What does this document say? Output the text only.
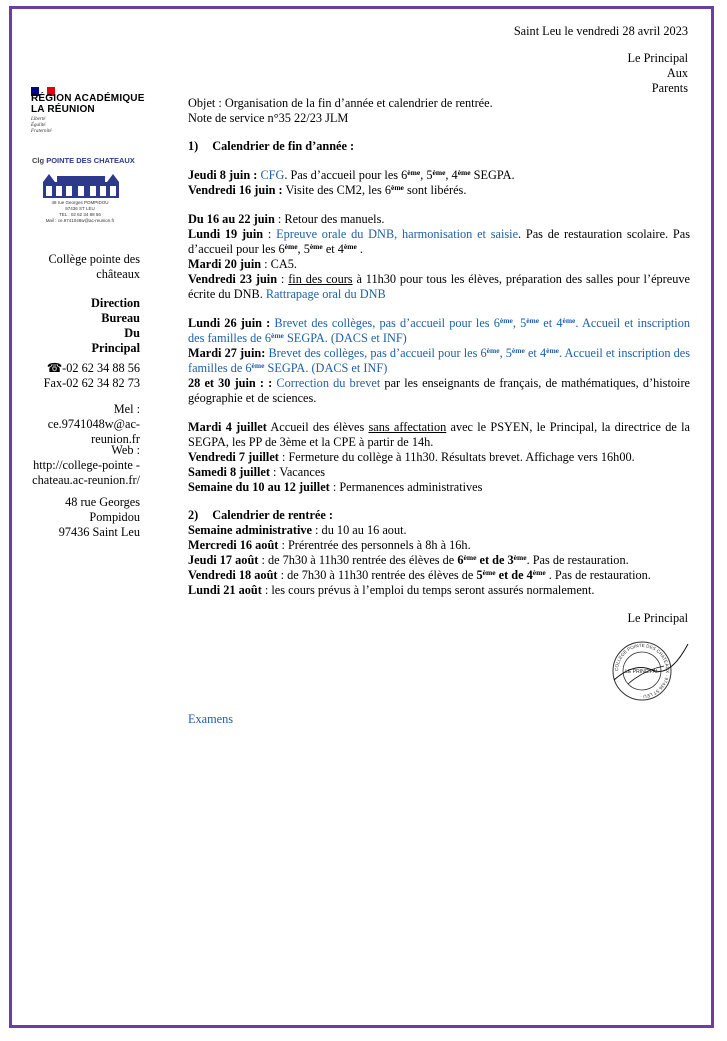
Saint Leu le vendredi 28 avril 2023
Le Principal
Aux
Parents
RÉGION ACADÉMIQUE
LA RÉUNION
Liberté
Égalité
Fraternité
Clg POINTE DES CHATEAUX
48 rue Georges POMPIDOU
97436 ST LEU
TEL : 02 62 34 88 56
Mail : ce.9741048w@ac-reunion.fr
Collège pointe des
châteaux
Direction
Bureau
Du
Principal
☎-02 62 34 88 56
Fax-02 62 34 82 73
Mel :
ce.9741048w@ac-
reunion.fr
Web :
http://college-pointe -
chateau.ac-reunion.fr/
48 rue Georges
Pompidou
97436 Saint Leu
Objet : Organisation de la fin d’année et calendrier de rentrée.
Note de service n°35 22/23 JLM
1) Calendrier de fin d’année :
Jeudi 8 juin : CFG. Pas d’accueil pour les 6ème, 5ème, 4ème SEGPA.
Vendredi 16 juin : Visite des CM2, les 6ème sont libérés.
Du 16 au 22 juin : Retour des manuels.
Lundi 19 juin : Epreuve orale du DNB, harmonisation et saisie. Pas de restauration scolaire. Pas d’accueil pour les 6ème, 5ème et 4ème .
Mardi 20 juin : CA5.
Vendredi 23 juin : fin des cours à 11h30 pour tous les élèves, préparation des salles pour l’épreuve écrite du DNB. Rattrapage oral du DNB
Lundi 26 juin : Brevet des collèges, pas d’accueil pour les 6ème, 5ème et 4ème. Accueil et inscription des familles de 6ème SEGPA. (DACS et INF)
Mardi 27 juin: Brevet des collèges, pas d’accueil pour les 6ème, 5ème et 4ème. Accueil et inscription des familles de 6ème SEGPA. (DACS et INF)
28 et 30 juin : : Correction du brevet par les enseignants de français, de mathématiques, d’histoire géographie et de sciences.
Mardi 4 juillet Accueil des élèves sans affectation avec le PSYEN, le Principal, la directrice de la SEGPA, les PP de 3ème et la CPE à partir de 14h.
Vendredi 7 juillet : Fermeture du collège à 11h30. Résultats brevet. Affichage vers 16h00.
Samedi 8 juillet : Vacances
Semaine du 10 au 12 juillet : Permanences administratives
2) Calendrier de rentrée :
Semaine administrative : du 10 au 16 aout.
Mercredi 16 août : Prérentrée des personnels à 8h à 16h.
Jeudi 17 août : de 7h30 à 11h30 rentrée des élèves de 6ème et de 3ème. Pas de restauration.
Vendredi 18 août : de 7h30 à 11h30 rentrée des élèves de 5ème et de 4ème . Pas de restauration.
Lundi 21 août : les cours prévus à l’emploi du temps seront assurés normalement.
Le Principal
COLLEGE POINTE DES CHATEAUX · 97436 ST LEU ·
LE PRINCIPAL
Examens
